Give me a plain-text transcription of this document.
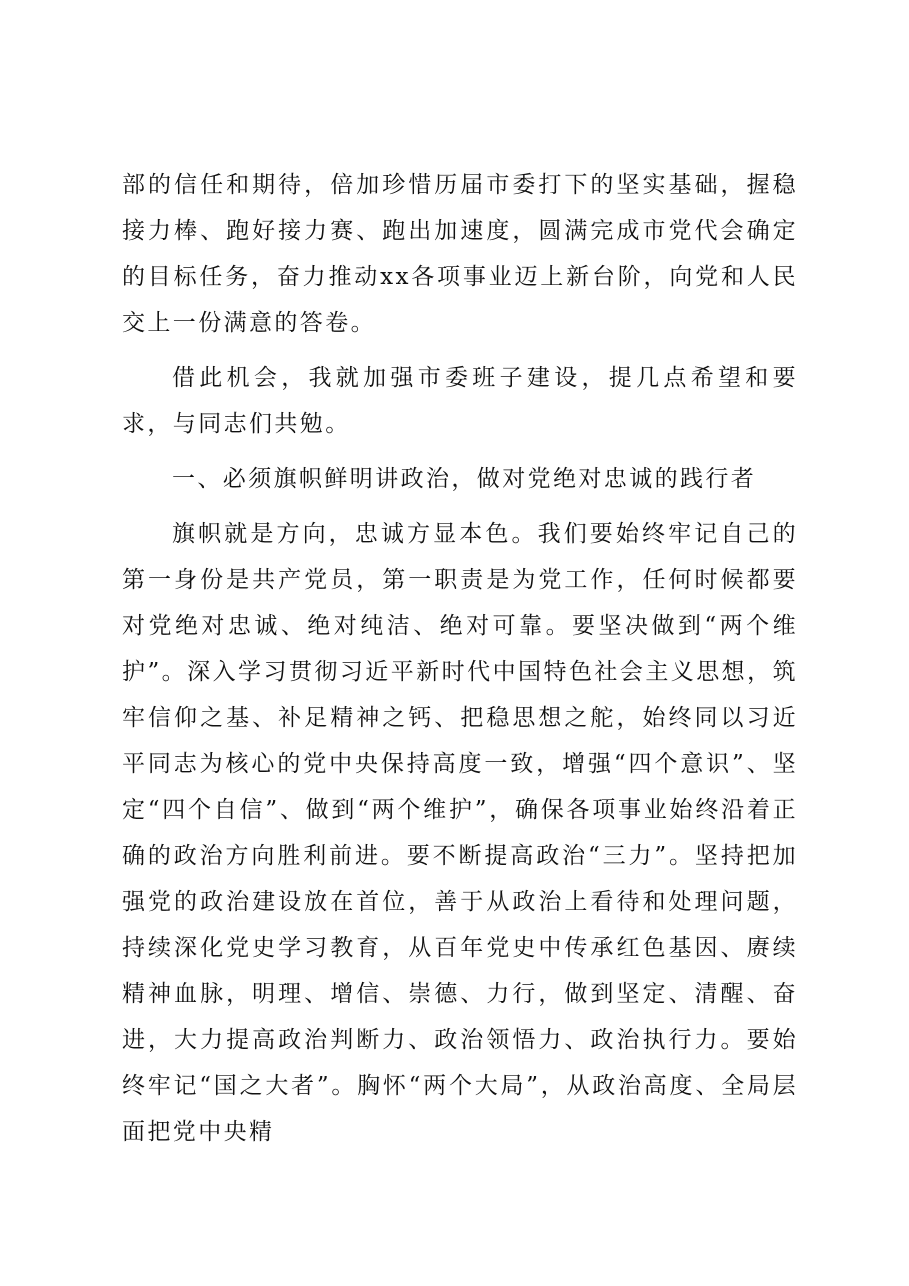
部的信任和期待，倍加珍惜历届市委打下的坚实基础，握稳接力棒、跑好接力赛、跑出加速度，圆满完成市党代会确定的目标任务，奋力推动xx各项事业迈上新台阶，向党和人民交上一份满意的答卷。

借此机会，我就加强市委班子建设，提几点希望和要求，与同志们共勉。

一、必须旗帜鲜明讲政治，做对党绝对忠诚的践行者

旗帜就是方向，忠诚方显本色。我们要始终牢记自己的第一身份是共产党员，第一职责是为党工作，任何时候都要对党绝对忠诚、绝对纯洁、绝对可靠。要坚决做到“两个维护”。深入学习贯彻习近平新时代中国特色社会主义思想，筑牢信仰之基、补足精神之钙、把稳思想之舵，始终同以习近平同志为核心的党中央保持高度一致，增强“四个意识”、坚定“四个自信”、做到“两个维护”，确保各项事业始终沿着正确的政治方向胜利前进。要不断提高政治“三力”。坚持把加强党的政治建设放在首位，善于从政治上看待和处理问题，持续深化党史学习教育，从百年党史中传承红色基因、赓续精神血脉，明理、增信、崇德、力行，做到坚定、清醒、奋进，大力提高政治判断力、政治领悟力、政治执行力。要始终牢记“国之大者”。胸怀“两个大局”，从政治高度、全局层面把党中央精
